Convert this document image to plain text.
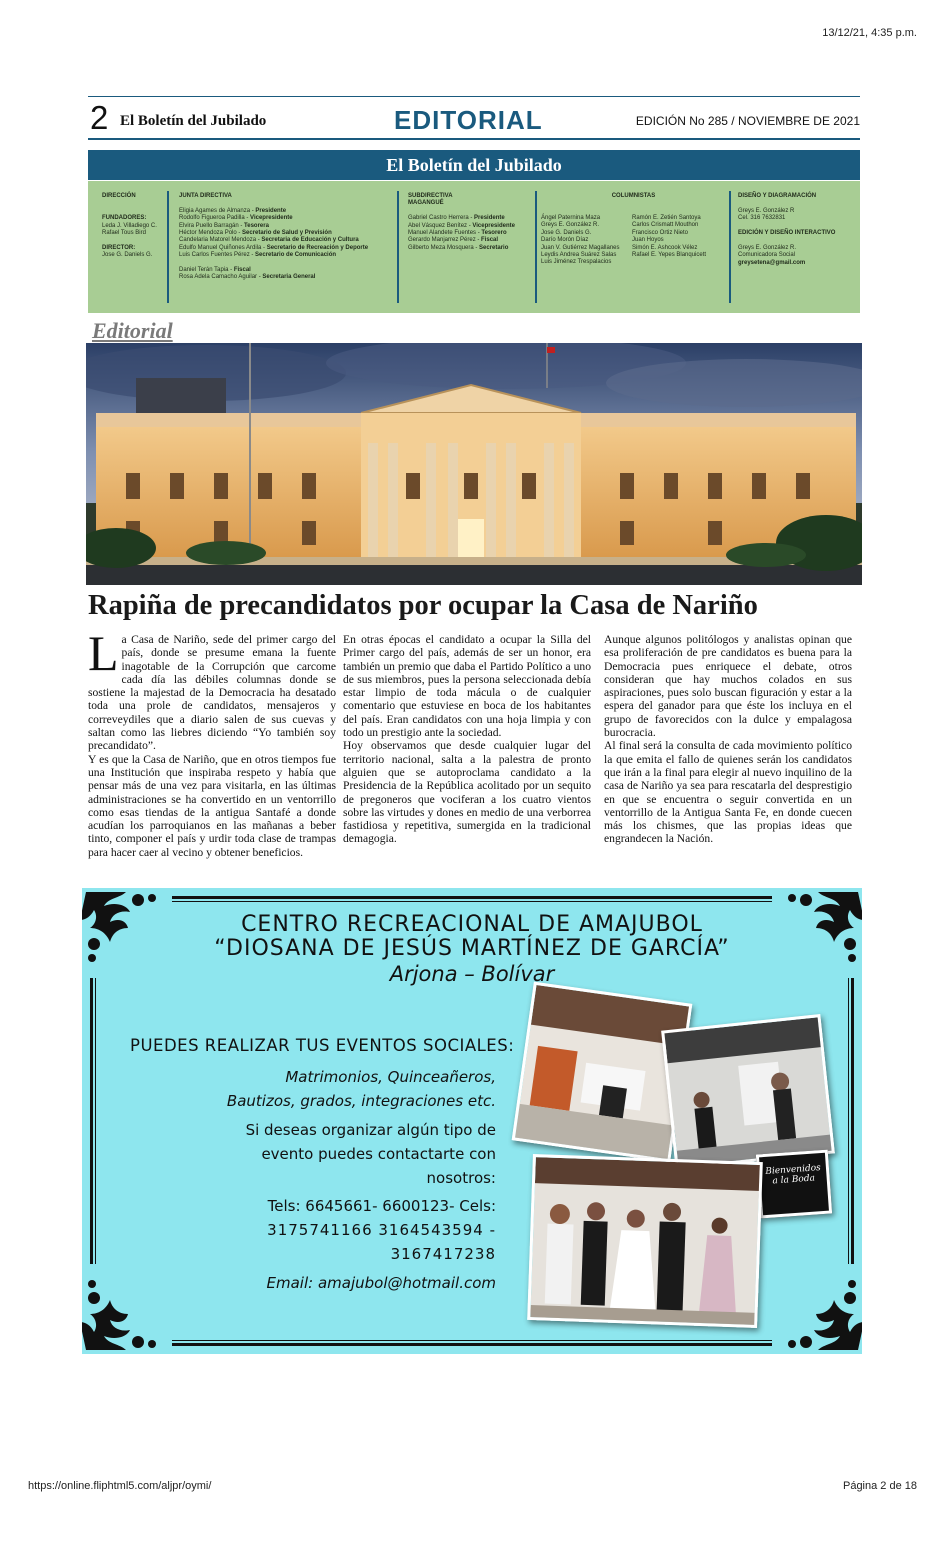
13/12/21, 4:35 p.m.
2 El Boletín del Jubilado	EDITORIAL	EDICIÓN No 285 / NOVIEMBRE DE 2021
El Boletín del Jubilado
DIRECCIÓN

FUNDADORES:
Leda J. Villadiego C.
Rafael Tous Bird

DIRECTOR:
Jose G. Daniels G.
JUNTA DIRECTIVA

Eligia Agames de Almanza - Presidente
Rodolfo Figueroa Padilla - Vicepresidente
Elvira Puello Barragán - Tesorera
Héctor Mendoza Polo - Secretario de Salud y Previsión
Candelaria Matorel Mendoza - Secretaria de Educación y Cultura
Edulfo Manuel Quiñones Ardila - Secretario de Recreación y Deporte
Luis Carlos Fuentes Pérez - Secretario de Comunicación

Daniel Terán Tapia - Fiscal
Rosa Adela Camacho Aguilar - Secretaria General
SUBDIRECTIVA
MAGANGUÉ

Gabriel Castro Herrera - Presidente
Abel Vásquez Benítez - Vicepresidente
Manuel Alandete Fuentes - Tesorero
Gerardo Manjarrez Pérez - Fiscal
Gilberto Meza Mosquera - Secretario
COLUMNISTAS

Ángel Paternina Maza
Greys E. González R.
Jose G. Daniels G.
Darío Morón Díaz
Juan V. Gutiérrez Magallanes
Leydis Andrea Suárez Salas
Luis Jiménez Trespalacios
Ramón E. Zetién Santoya
Carlos Crismatt Mouthon
Francisco Ortiz Nieto
Juan Hoyos
Simón E. Ashcook Vélez
Rafael E. Yepes Blanquicett
DISEÑO Y DIAGRAMACIÓN

Greys E. González R
Cel. 316 7632831

EDICIÓN Y DISEÑO INTERACTIVO

Greys E. González R.
Comunicadora Social
greysetena@gmail.com
Editorial
Rapiña de precandidatos por ocupar la Casa de Nariño

La Casa de Nariño, sede del primer cargo del país, donde se presume emana la fuente inagotable de la Corrupción que carcome cada día las débiles columnas donde se sostiene la majestad de la Democracia ha desatado toda una prole de candidatos, mensajeros y correveydiles que a diario salen de sus cuevas y saltan como las liebres diciendo “Yo también soy precandidato”.

Y es que la Casa de Nariño, que en otros tiempos fue una Institución que inspiraba respeto y había que pensar más de una vez para visitarla, en las últimas administraciones se ha convertido en un ventorrillo como esas tiendas de la antigua Santafé a donde acudían los parroquianos en las mañanas a beber tinto, componer el país y urdir toda clase de trampas para hacer caer al vecino y obtener beneficios.

En otras épocas el candidato a ocupar la Silla del Primer cargo del país, además de ser un honor, era también un premio que daba el Partido Político a uno de sus miembros, pues la persona seleccionada debía estar limpio de toda mácula o de cualquier comentario que estuviese en boca de los habitantes del país. Eran candidatos con una hoja limpia y con todo un prestigio ante la sociedad.

Hoy observamos que desde cualquier lugar del territorio nacional, salta a la palestra de pronto alguien que se autoproclama candidato a la Presidencia de la República acolitado por un sequito de pregoneros que vociferan a los cuatro vientos sobre las virtudes y dones en medio de una verborrea fastidiosa y repetitiva, sumergida en la tradicional demagogia.

Aunque algunos politólogos y analistas opinan que esa proliferación de pre candidatos es buena para la Democracia pues enriquece el debate, otros consideran que hay muchos colados en sus aspiraciones, pues solo buscan figuración y estar a la espera del ganador para que éste los incluya en el grupo de favorecidos con la dulce y empalagosa burocracia.

Al final será la consulta de cada movimiento político la que emita el fallo de quienes serán los candidatos que irán a la final para elegir al nuevo inquilino de la casa de Nariño ya sea para rescatarla del desprestigio en que se encuentra o seguir convertida en un ventorrillo de la Antigua Santa Fe, en donde cuecen más los chismes, que las propias ideas que engrandecen la Nación.

CENTRO RECREACIONAL DE AMAJUBOL
“DIOSANA DE JESÚS MARTÍNEZ DE GARCÍA”
Arjona – Bolívar
PUEDES REALIZAR TUS EVENTOS SOCIALES:
Matrimonios, Quinceañeros,
Bautizos, grados, integraciones etc.
Si deseas organizar algún tipo de
evento puedes contactarte con
nosotros:
Tels: 6645661- 6600123- Cels:
3175741166 3164543594 -
3167417238
Email: amajubol@hotmail.com
Bienvenidos a la Boda
https://online.fliphtml5.com/aljpr/oymi/	Página 2 de 18
